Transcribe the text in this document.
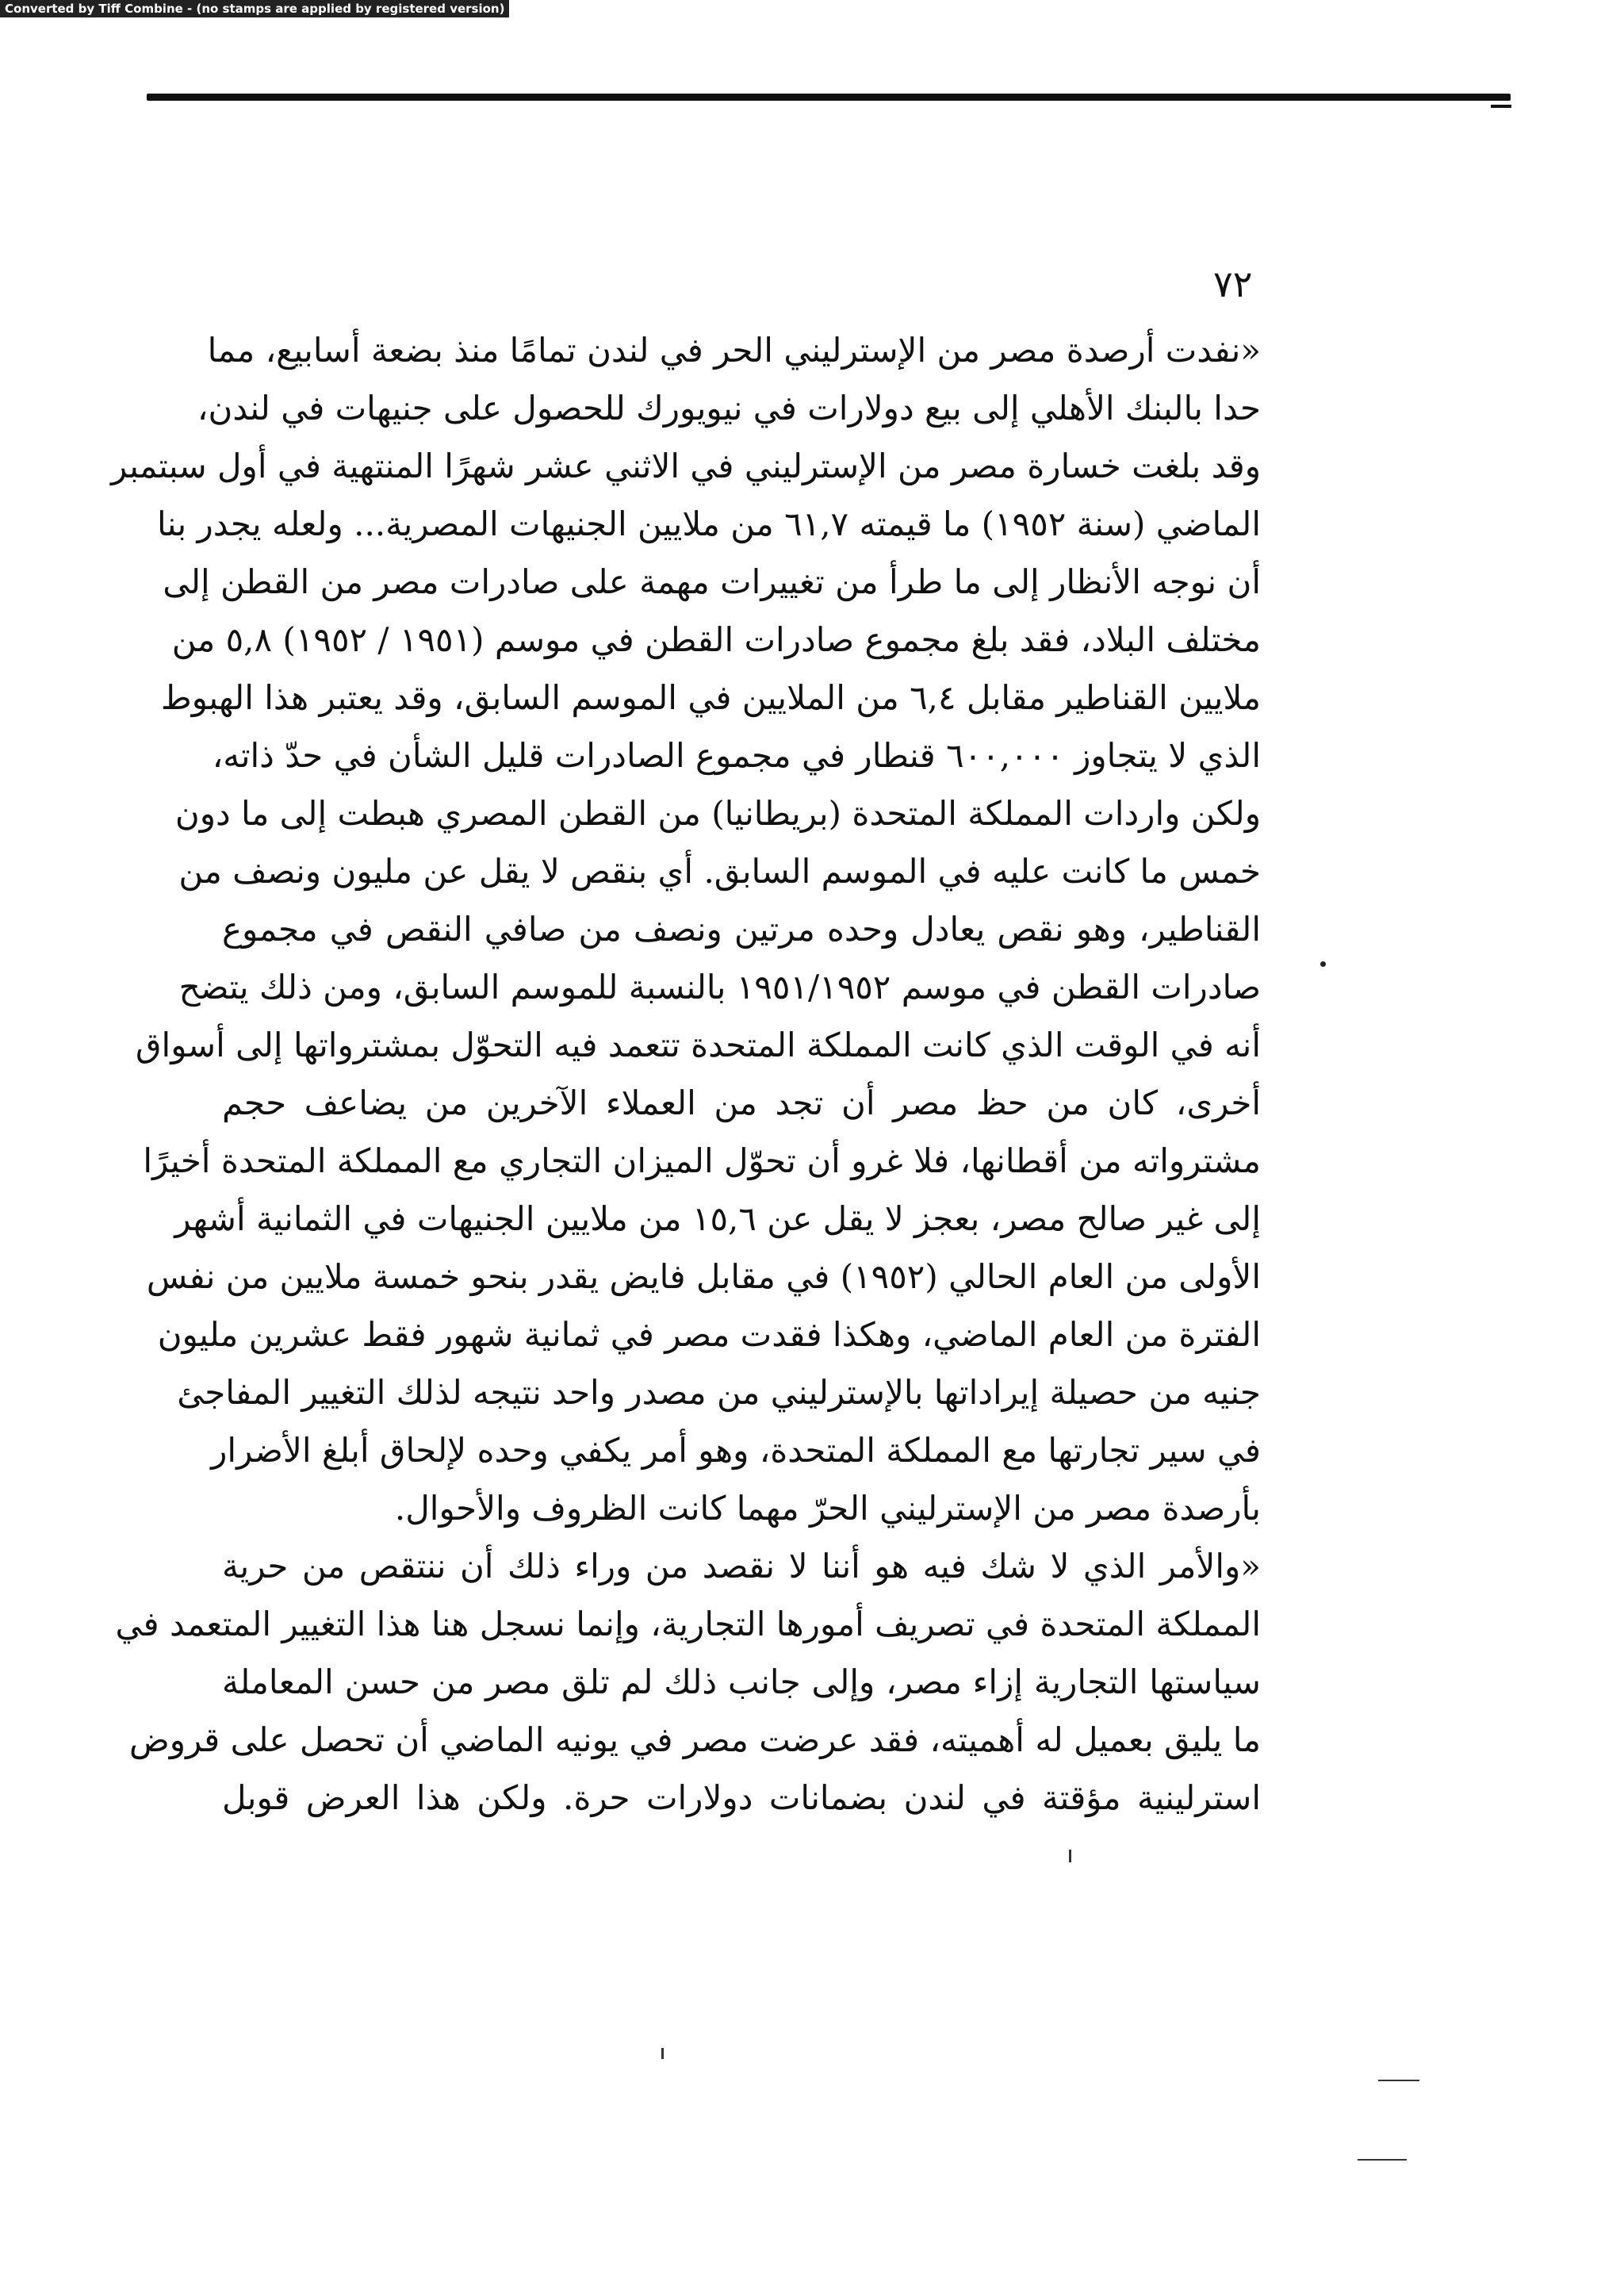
Converted by Tiff Combine - (no stamps are applied by registered version)
٧٢
«نفدت أرصدة مصر من الإسترليني الحر في لندن تمامًا منذ بضعة أسابيع، مما
حدا بالبنك الأهلي إلى بيع دولارات في نيويورك للحصول على جنيهات في لندن،
وقد بلغت خسارة مصر من الإسترليني في الاثني عشر شهرًا المنتهية في أول سبتمبر
الماضي (سنة ١٩٥٢) ما قيمته ٦١,٧ من ملايين الجنيهات المصرية... ولعله يجدر بنا
أن نوجه الأنظار إلى ما طرأ من تغييرات مهمة على صادرات مصر من القطن إلى
مختلف البلاد، فقد بلغ مجموع صادرات القطن في موسم (١٩٥١ / ١٩٥٢) ٥,٨ من
ملايين القناطير مقابل ٦,٤ من الملايين في الموسم السابق، وقد يعتبر هذا الهبوط
الذي لا يتجاوز ٦٠٠,٠٠٠ قنطار في مجموع الصادرات قليل الشأن في حدّ ذاته،
ولكن واردات المملكة المتحدة (بريطانيا) من القطن المصري هبطت إلى ما دون
خمس ما كانت عليه في الموسم السابق. أي بنقص لا يقل عن مليون ونصف من
القناطير، وهو نقص يعادل وحده مرتين ونصف من صافي النقص في مجموع
صادرات القطن في موسم ١٩٥١/١٩٥٢ بالنسبة للموسم السابق، ومن ذلك يتضح
أنه في الوقت الذي كانت المملكة المتحدة تتعمد فيه التحوّل بمشترواتها إلى أسواق
أخرى، كان من حظ مصر أن تجد من العملاء الآخرين من يضاعف حجم
مشترواته من أقطانها، فلا غرو أن تحوّل الميزان التجاري مع المملكة المتحدة أخيرًا
إلى غير صالح مصر، بعجز لا يقل عن ١٥,٦ من ملايين الجنيهات في الثمانية أشهر
الأولى من العام الحالي (١٩٥٢) في مقابل فايض يقدر بنحو خمسة ملايين من نفس
الفترة من العام الماضي، وهكذا فقدت مصر في ثمانية شهور فقط عشرين مليون
جنيه من حصيلة إيراداتها بالإسترليني من مصدر واحد نتيجه لذلك التغيير المفاجئ
في سير تجارتها مع المملكة المتحدة، وهو أمر يكفي وحده لإلحاق أبلغ الأضرار
بأرصدة مصر من الإسترليني الحرّ مهما كانت الظروف والأحوال.
«والأمر الذي لا شك فيه هو أننا لا نقصد من وراء ذلك أن ننتقص من حرية
المملكة المتحدة في تصريف أمورها التجارية، وإنما نسجل هنا هذا التغيير المتعمد في
سياستها التجارية إزاء مصر، وإلى جانب ذلك لم تلق مصر من حسن المعاملة
ما يليق بعميل له أهميته، فقد عرضت مصر في يونيه الماضي أن تحصل على قروض
استرلينية مؤقتة في لندن بضمانات دولارات حرة. ولكن هذا العرض قوبل
